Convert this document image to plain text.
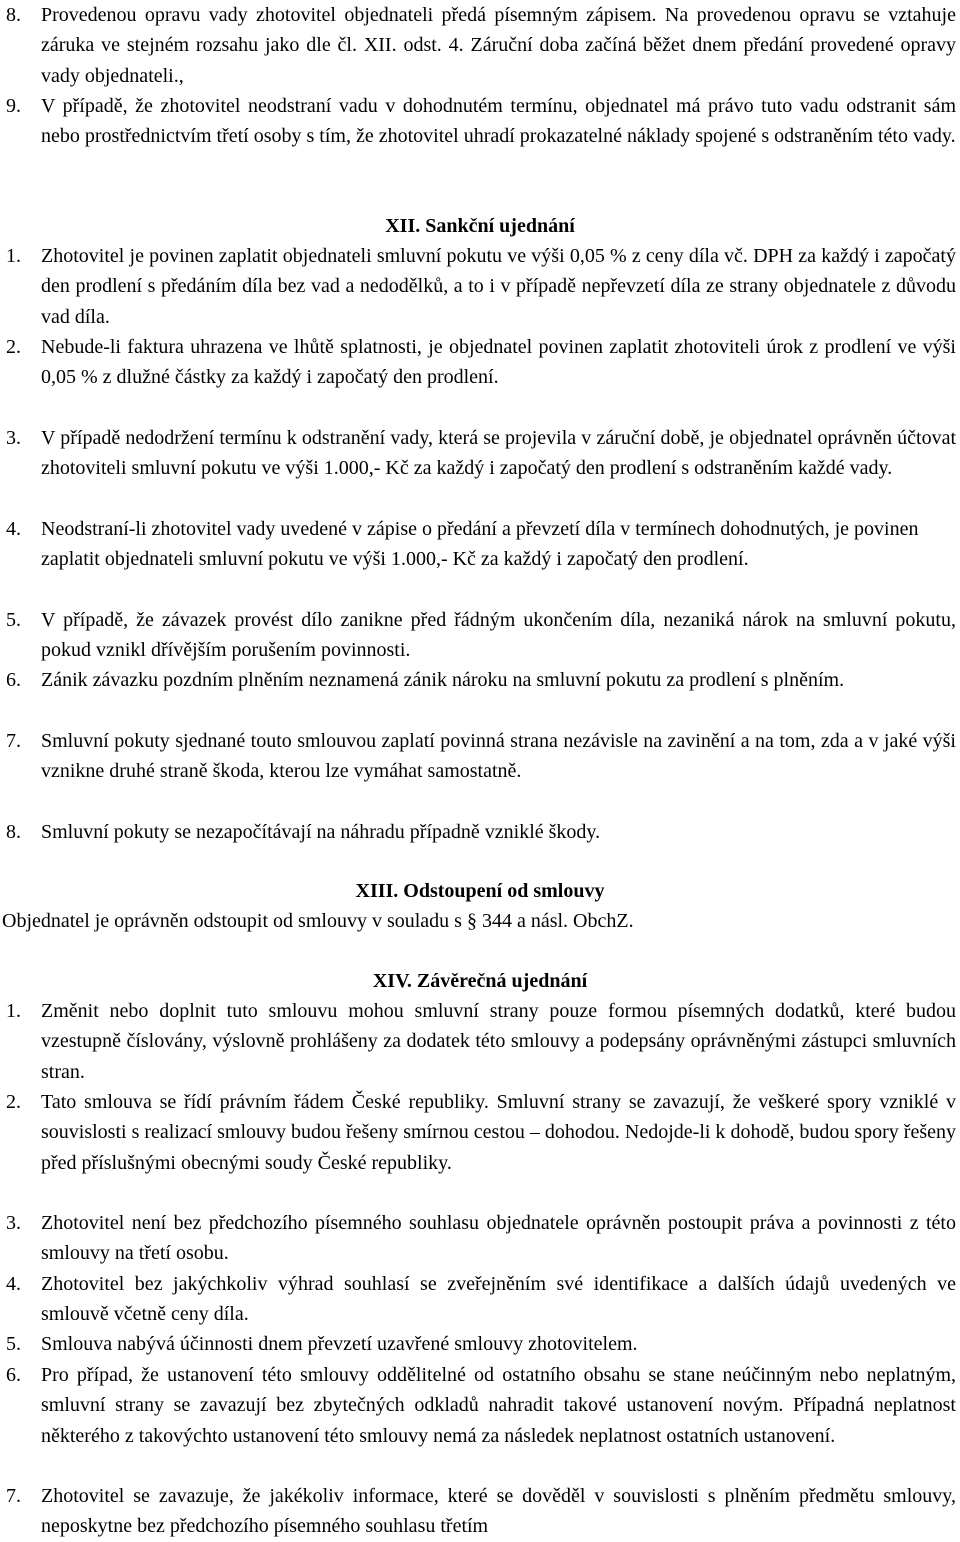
8. Provedenou opravu vady zhotovitel objednateli předá písemným zápisem. Na provedenou opravu se vztahuje záruka ve stejném rozsahu jako dle čl. XII. odst. 4. Záruční doba začíná běžet dnem předání provedené opravy vady objednateli.,
9. V případě, že zhotovitel neodstraní vadu v dohodnutém termínu, objednatel má právo tuto vadu odstranit sám nebo prostřednictvím třetí osoby s tím, že zhotovitel uhradí prokazatelné náklady spojené s odstraněním této vady.
XII. Sankční ujednání
1. Zhotovitel je povinen zaplatit objednateli smluvní pokutu ve výši 0,05 % z ceny díla vč. DPH za každý i započatý den prodlení s předáním díla bez vad a nedodělků, a to i v případě nepřevzetí díla ze strany objednatele z důvodu vad díla.
2. Nebude-li faktura uhrazena ve lhůtě splatnosti, je objednatel povinen zaplatit zhotoviteli úrok z prodlení ve výši 0,05 % z dlužné částky za každý i započatý den prodlení.
3. V případě nedodržení termínu k odstranění vady, která se projevila v záruční době, je objednatel oprávněn účtovat zhotoviteli smluvní pokutu ve výši 1.000,- Kč za každý i započatý den prodlení s odstraněním každé vady.
4. Neodstraní-li zhotovitel vady uvedené v zápise o předání a převzetí díla v termínech dohodnutých, je povinen zaplatit objednateli smluvní pokutu ve výši 1.000,- Kč za každý i započatý den prodlení.
5. V případě, že závazek provést dílo zanikne před řádným ukončením díla, nezaniká nárok na smluvní pokutu, pokud vznikl dřívějším porušením povinnosti.
6. Zánik závazku pozdním plněním neznamená zánik nároku na smluvní pokutu za prodlení s plněním.
7. Smluvní pokuty sjednané touto smlouvou zaplatí povinná strana nezávisle na zavinění a na tom, zda a v jaké výši vznikne druhé straně škoda, kterou lze vymáhat samostatně.
8. Smluvní pokuty se nezapočítávají na náhradu případně vzniklé škody.
XIII. Odstoupení od smlouvy
Objednatel je oprávněn odstoupit od smlouvy v souladu s § 344 a násl. ObchZ.
XIV. Závěrečná ujednání
1. Změnit nebo doplnit tuto smlouvu mohou smluvní strany pouze formou písemných dodatků, které budou vzestupně číslovány, výslovně prohlášeny za dodatek této smlouvy a podepsány oprávněnými zástupci smluvních stran.
2. Tato smlouva se řídí právním řádem České republiky. Smluvní strany se zavazují, že veškeré spory vzniklé v souvislosti s realizací smlouvy budou řešeny smírnou cestou – dohodou. Nedojde-li k dohodě, budou spory řešeny před příslušnými obecnými soudy České republiky.
3. Zhotovitel není bez předchozího písemného souhlasu objednatele oprávněn postoupit práva a povinnosti z této smlouvy na třetí osobu.
4. Zhotovitel bez jakýchkoliv výhrad souhlasí se zveřejněním své identifikace a dalších údajů uvedených ve smlouvě včetně ceny díla.
5. Smlouva nabývá účinnosti dnem převzetí uzavřené smlouvy zhotovitelem.
6. Pro případ, že ustanovení této smlouvy oddělitelné od ostatního obsahu se stane neúčinným nebo neplatným, smluvní strany se zavazují bez zbytečných odkladů nahradit takové ustanovení novým. Případná neplatnost některého z takovýchto ustanovení této smlouvy nemá za následek neplatnost ostatních ustanovení.
7. Zhotovitel se zavazuje, že jakékoliv informace, které se dověděl v souvislosti s plněním předmětu smlouvy, neposkytne bez předchozího písemného souhlasu třetím
